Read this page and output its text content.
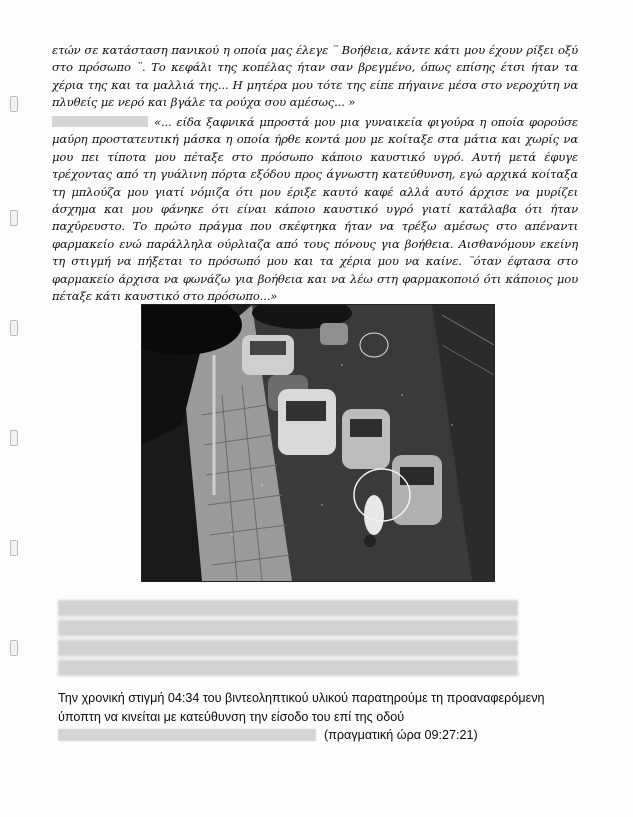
ετών σε κατάσταση πανικού η οποία μας έλεγε ¨ Βοήθεια, κάντε κάτι μου έχουν ρίξει οξύ στο πρόσωπο ¨. Το κεφάλι της κοπέλας ήταν σαν βρεγμένο, όπως επίσης έτσι ήταν τα χέρια της και τα μαλλιά της... Η μητέρα μου τότε της είπε πήγαινε μέσα στο νεροχύτη να πλυθείς με νερό και βγάλε τα ρούχα σου αμέσως... »
«... είδα ξαφνικά μπροστά μου μια γυναικεία φιγούρα η οποία φορούσε μαύρη προστατευτική μάσκα η οποία ήρθε κοντά μου με κοίταξε στα μάτια και χωρίς να μου πει τίποτα μου πέταξε στο πρόσωπο κάποιο καυστικό υγρό. Αυτή μετά έφυγε τρέχοντας από τη γυάλινη πόρτα εξόδου προς άγνωστη κατεύθυνση, εγώ αρχικά κοίταξα τη μπλούζα μου γιατί νόμιζα ότι μου έριξε καυτό καφέ αλλά αυτό άρχισε να μυρίζει άσχημα και μου φάνηκε ότι είναι κάποιο καυστικό υγρό γιατί κατάλαβα ότι ήταν παχύρευστο. Το πρώτο πράγμα που σκέφτηκα ήταν να τρέξω αμέσως στο απέναντι φαρμακείο ενώ παράλληλα ούρλιαζα από τους πόνους για βοήθεια. Αισθανόμουν εκείνη τη στιγμή να πήξεται το πρόσωπό μου και τα χέρια μου να καίνε. ¨όταν έφτασα στο φαρμακείο άρχισα να φωνάζω για βοήθεια και να λέω στη φαρμακοποιό ότι κάποιος μου πέταξε κάτι καυστικό στο πρόσωπο...»
Την χρονική στιγμή 04:34 του βιντεοληπτικού υλικού παρατηρούμε τη προαναφερόμενη ύποπτη να κινείται με κατεύθυνση την είσοδο του επί της οδού
(πραγματική ώρα 09:27:21)
